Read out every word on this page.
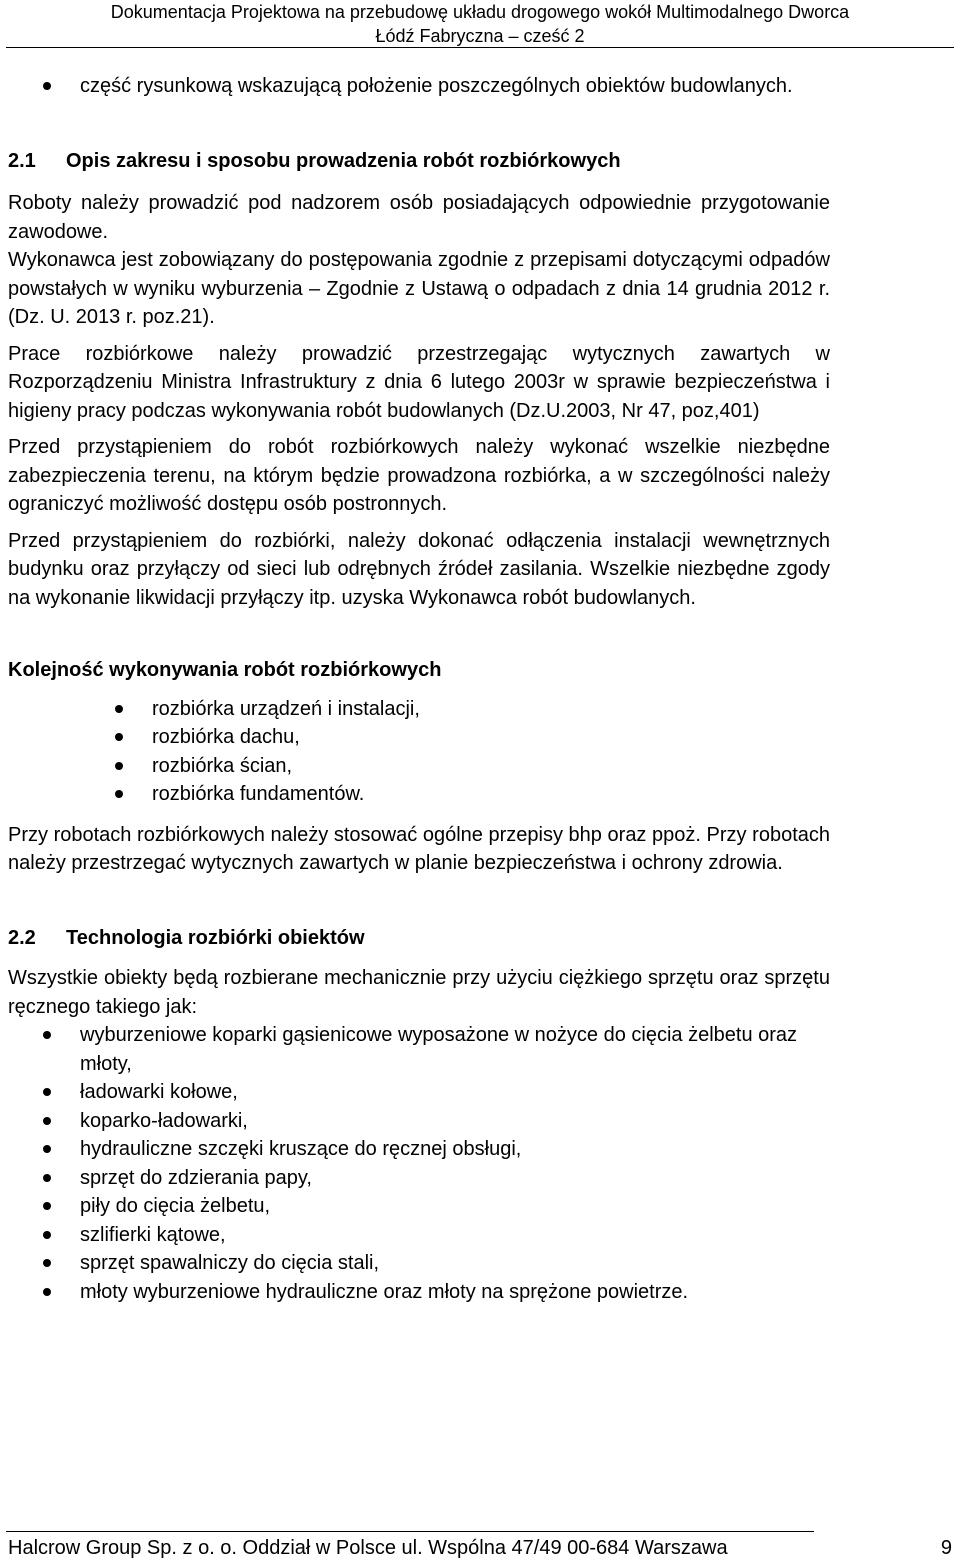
Dokumentacja Projektowa na przebudowę układu drogowego wokół Multimodalnego Dworca
Łódź Fabryczna – cześć 2
część rysunkową wskazującą położenie poszczególnych obiektów budowlanych.
2.1	Opis zakresu i sposobu prowadzenia robót rozbiórkowych

Roboty należy prowadzić pod nadzorem osób posiadających odpowiednie przygotowanie zawodowe.

Wykonawca jest zobowiązany do postępowania zgodnie z przepisami dotyczącymi odpadów powstałych w wyniku wyburzenia – Zgodnie z Ustawą o odpadach z dnia 14 grudnia 2012 r. (Dz. U. 2013 r. poz.21).

Prace rozbiórkowe należy prowadzić przestrzegając wytycznych zawartych w Rozporządzeniu Ministra Infrastruktury z dnia 6 lutego 2003r w sprawie bezpieczeństwa i higieny pracy podczas wykonywania robót budowlanych (Dz.U.2003, Nr 47, poz,401)

Przed przystąpieniem do robót rozbiórkowych należy wykonać wszelkie niezbędne zabezpieczenia terenu, na którym będzie prowadzona rozbiórka, a w szczególności należy ograniczyć możliwość dostępu osób postronnych.

Przed przystąpieniem do rozbiórki, należy dokonać odłączenia instalacji wewnętrznych budynku oraz przyłączy od sieci lub odrębnych źródeł zasilania. Wszelkie niezbędne zgody na wykonanie likwidacji przyłączy itp. uzyska Wykonawca robót budowlanych.

Kolejność wykonywania robót rozbiórkowych
rozbiórka urządzeń i instalacji,
rozbiórka dachu,
rozbiórka ścian,
rozbiórka fundamentów.

Przy robotach rozbiórkowych należy stosować ogólne przepisy bhp oraz ppoż. Przy robotach należy przestrzegać wytycznych zawartych w planie bezpieczeństwa i ochrony zdrowia.

2.2	Technologia rozbiórki obiektów

Wszystkie obiekty będą rozbierane mechanicznie przy użyciu ciężkiego sprzętu oraz sprzętu ręcznego takiego jak:

wyburzeniowe koparki gąsienicowe wyposażone w nożyce do cięcia żelbetu oraz młoty,
ładowarki kołowe,
koparko-ładowarki,
hydrauliczne szczęki kruszące do ręcznej obsługi,
sprzęt do zdzierania papy,
piły do cięcia żelbetu,
szlifierki kątowe,
sprzęt spawalniczy do cięcia stali,
młoty wyburzeniowe hydrauliczne oraz młoty na sprężone powietrze.
Halcrow Group Sp. z o. o. Oddział w Polsce ul. Wspólna 47/49 00-684 Warszawa	9
